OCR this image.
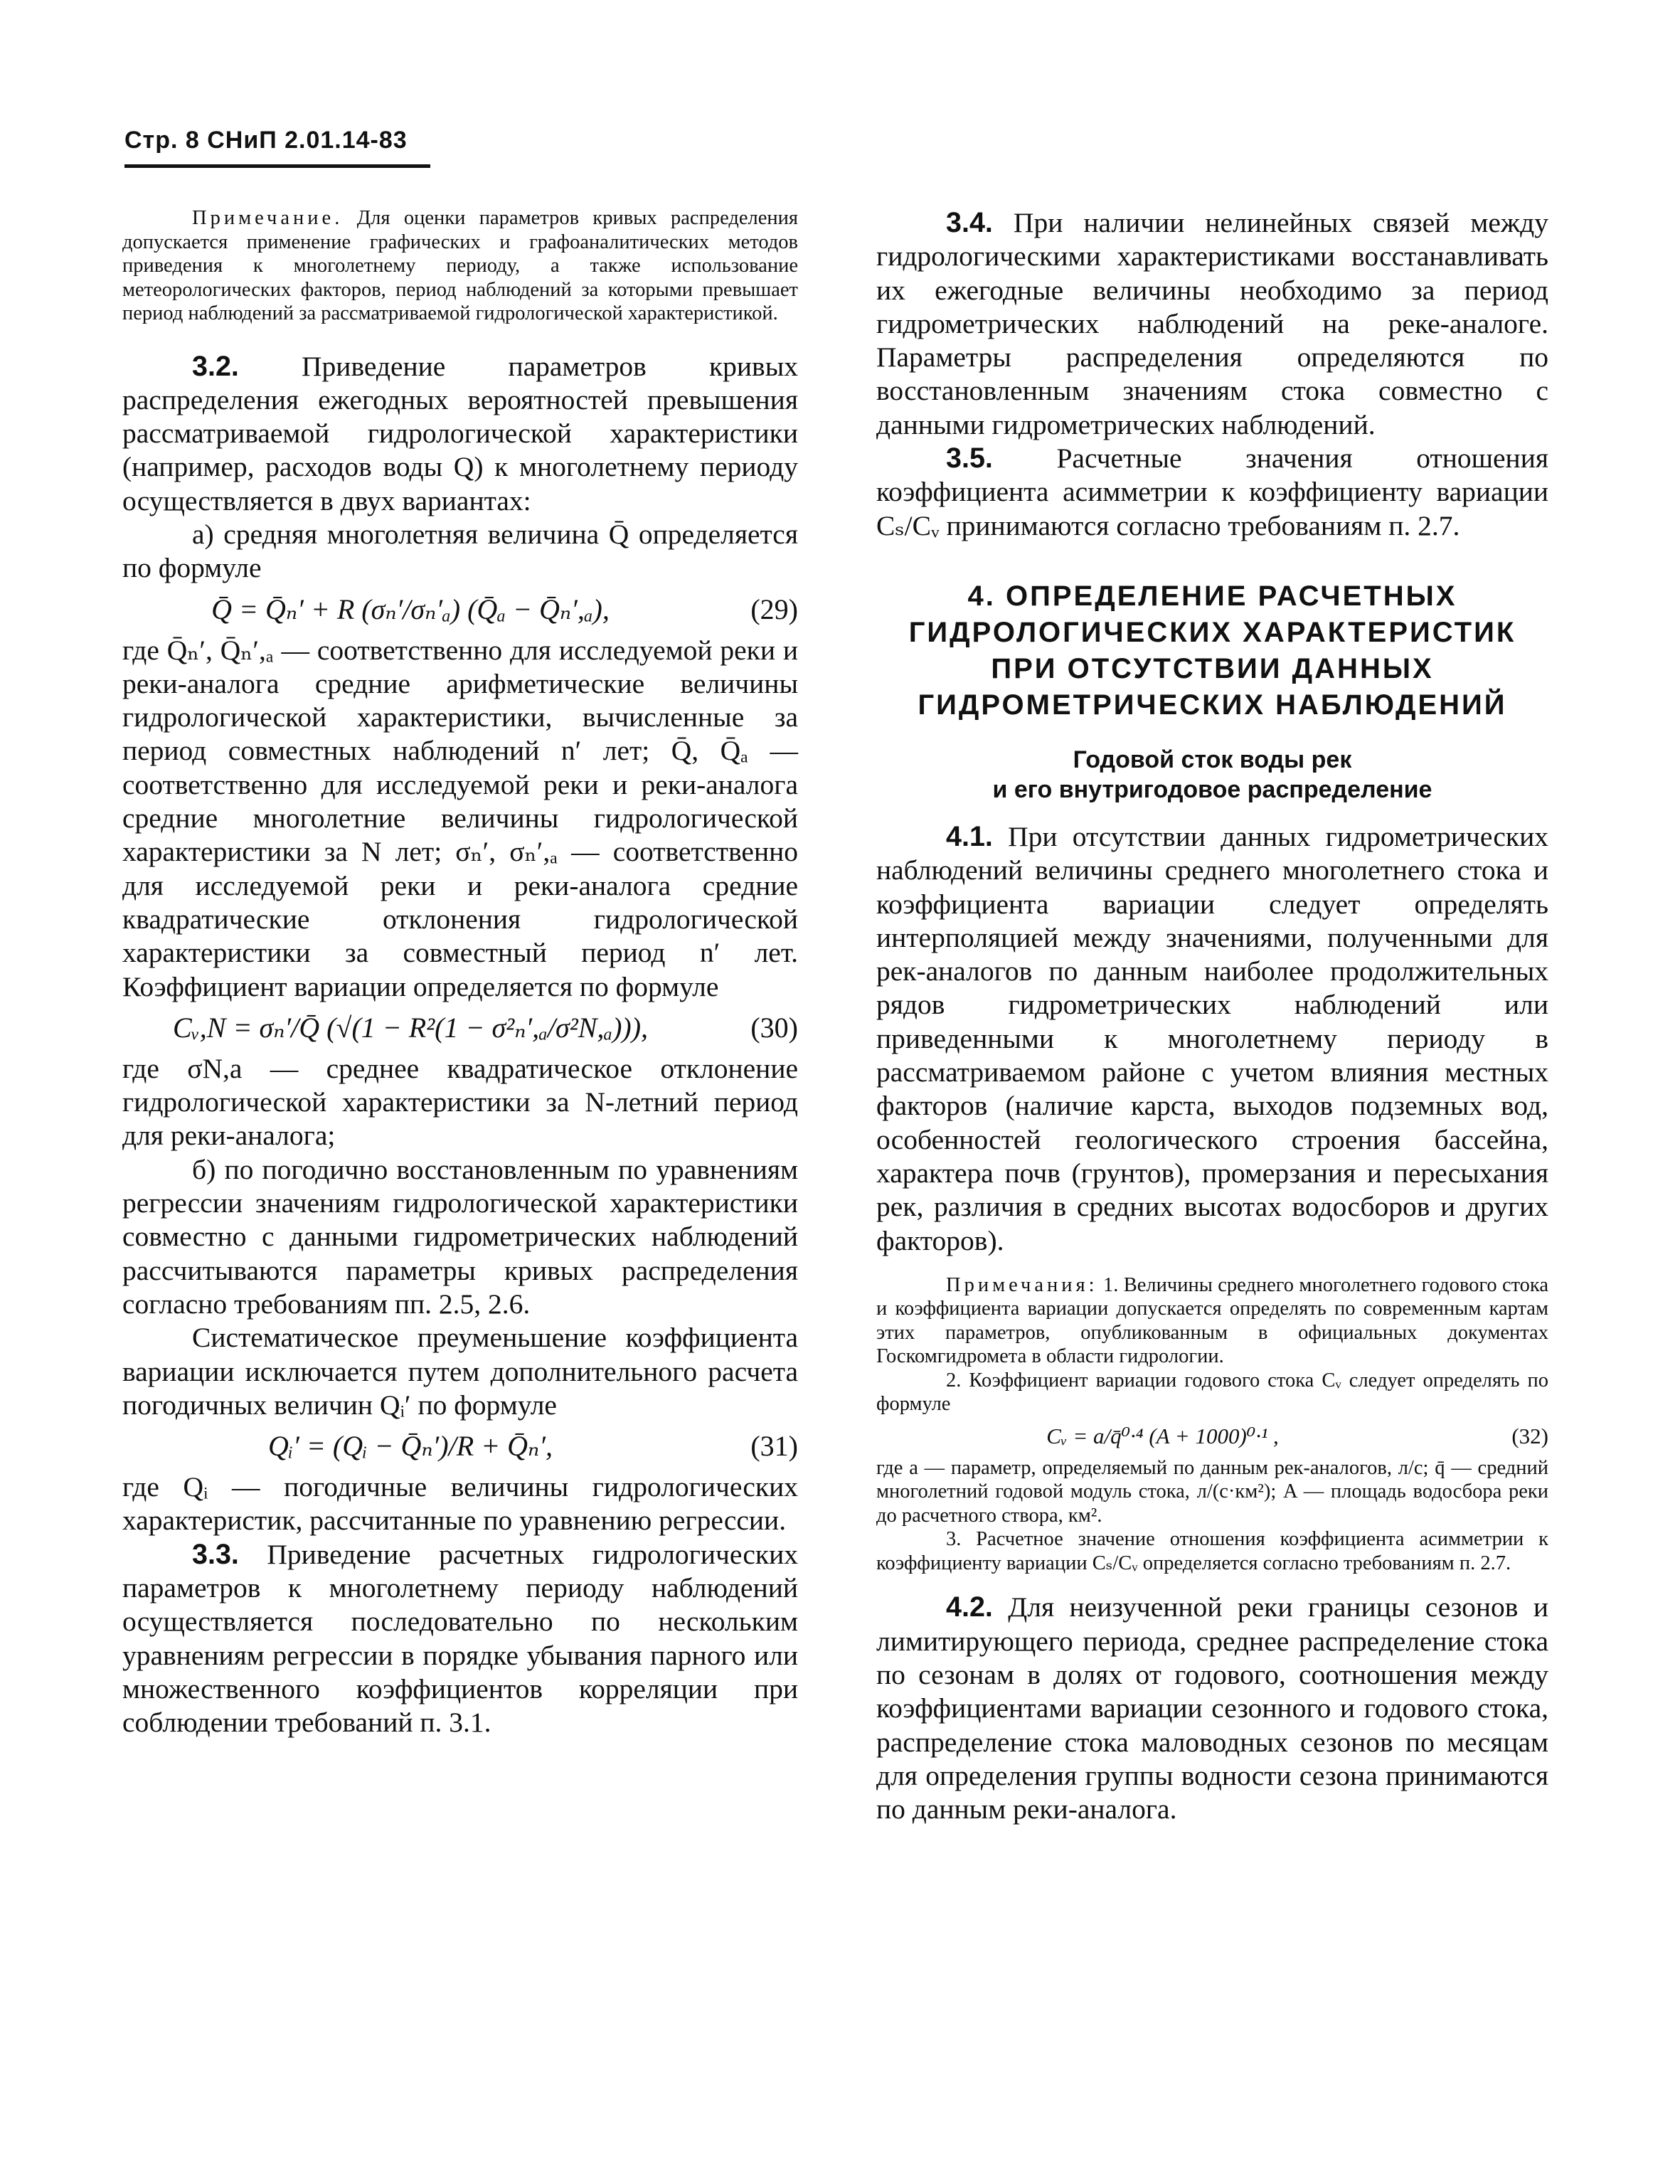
Стр. 8 СНиП 2.01.14-83

Примечание. Для оценки параметров кривых распределения допускается применение графических и графоаналитических методов приведения к многолетнему периоду, а также использование метеорологических факторов, период наблюдений за которыми превышает период наблюдений за рассматриваемой гидрологической характеристикой.

3.2. Приведение параметров кривых распределения ежегодных вероятностей превышения рассматриваемой гидрологической характеристики (например, расходов воды Q) к многолетнему периоду осуществляется в двух вариантах:

а) средняя многолетняя величина Q̄ определяется по формуле

Q̄ = Q̄ₙ′ + R (σₙ′/σₙ′ₐ) (Q̄ₐ − Q̄ₙ′,ₐ),	(29)

где Q̄ₙ′, Q̄ₙ′,ₐ — соответственно для исследуемой реки и реки-аналога средние арифметические величины гидрологической характеристики, вычисленные за период совместных наблюдений n′ лет; Q̄, Q̄ₐ — соответственно для исследуемой реки и реки-аналога средние многолетние величины гидрологической характеристики за N лет; σₙ′, σₙ′,ₐ — соответственно для исследуемой реки и реки-аналога средние квадратические отклонения гидрологической характеристики за совместный период n′ лет. Коэффициент вариации определяется по формуле

Cᵥ,N = σₙ′/Q̄ (√(1 − R²(1 − σ²ₙ′,ₐ/σ²N,ₐ))),	(30)

где σN,a — среднее квадратическое отклонение гидрологической характеристики за N-летний период для реки-аналога;

б) по погодично восстановленным по уравнениям регрессии значениям гидрологической характеристики совместно с данными гидрометрических наблюдений рассчитываются параметры кривых распределения согласно требованиям пп. 2.5, 2.6.

Систематическое преуменьшение коэффициента вариации исключается путем дополнительного расчета погодичных величин Qᵢ′ по формуле

Qᵢ′ = (Qᵢ − Q̄ₙ′)/R + Q̄ₙ′,	(31)

где Qᵢ — погодичные величины гидрологических характеристик, рассчитанные по уравнению регрессии.

3.3. Приведение расчетных гидрологических параметров к многолетнему периоду наблюдений осуществляется последовательно по нескольким уравнениям регрессии в порядке убывания парного или множественного коэффициентов корреляции при соблюдении требований п. 3.1.

3.4. При наличии нелинейных связей между гидрологическими характеристиками восстанавливать их ежегодные величины необходимо за период гидрометрических наблюдений на реке-аналоге. Параметры распределения определяются по восстановленным значениям стока совместно с данными гидрометрических наблюдений.

3.5. Расчетные значения отношения коэффициента асимметрии к коэффициенту вариации Cₛ/Cᵥ принимаются согласно требованиям п. 2.7.

4. ОПРЕДЕЛЕНИЕ РАСЧЕТНЫХ
ГИДРОЛОГИЧЕСКИХ ХАРАКТЕРИСТИК
ПРИ ОТСУТСТВИИ ДАННЫХ
ГИДРОМЕТРИЧЕСКИХ НАБЛЮДЕНИЙ
Годовой сток воды рек
и его внутригодовое распределение

4.1. При отсутствии данных гидрометрических наблюдений величины среднего многолетнего стока и коэффициента вариации следует определять интерполяцией между значениями, полученными для рек-аналогов по данным наиболее продолжительных рядов гидрометрических наблюдений или приведенными к многолетнему периоду в рассматриваемом районе с учетом влияния местных факторов (наличие карста, выходов подземных вод, особенностей геологического строения бассейна, характера почв (грунтов), промерзания и пересыхания рек, различия в средних высотах водосборов и других факторов).

Примечания: 1. Величины среднего многолетнего годового стока и коэффициента вариации допускается определять по современным картам этих параметров, опубликованным в официальных документах Госкомгидромета в области гидрологии.

2. Коэффициент вариации годового стока Cᵥ следует определять по формуле

Cᵥ = a/q̄⁰·⁴ (A + 1000)⁰·¹ ,	(32)

где a — параметр, определяемый по данным рек-аналогов, л/с; q̄ — средний многолетний годовой модуль стока, л/(с·км²); A — площадь водосбора реки до расчетного створа, км².

3. Расчетное значение отношения коэффициента асимметрии к коэффициенту вариации Cₛ/Cᵥ определяется согласно требованиям п. 2.7.

4.2. Для неизученной реки границы сезонов и лимитирующего периода, среднее распределение стока по сезонам в долях от годового, соотношения между коэффициентами вариации сезонного и годового стока, распределение стока маловодных сезонов по месяцам для определения группы водности сезона принимаются по данным реки-аналога.
